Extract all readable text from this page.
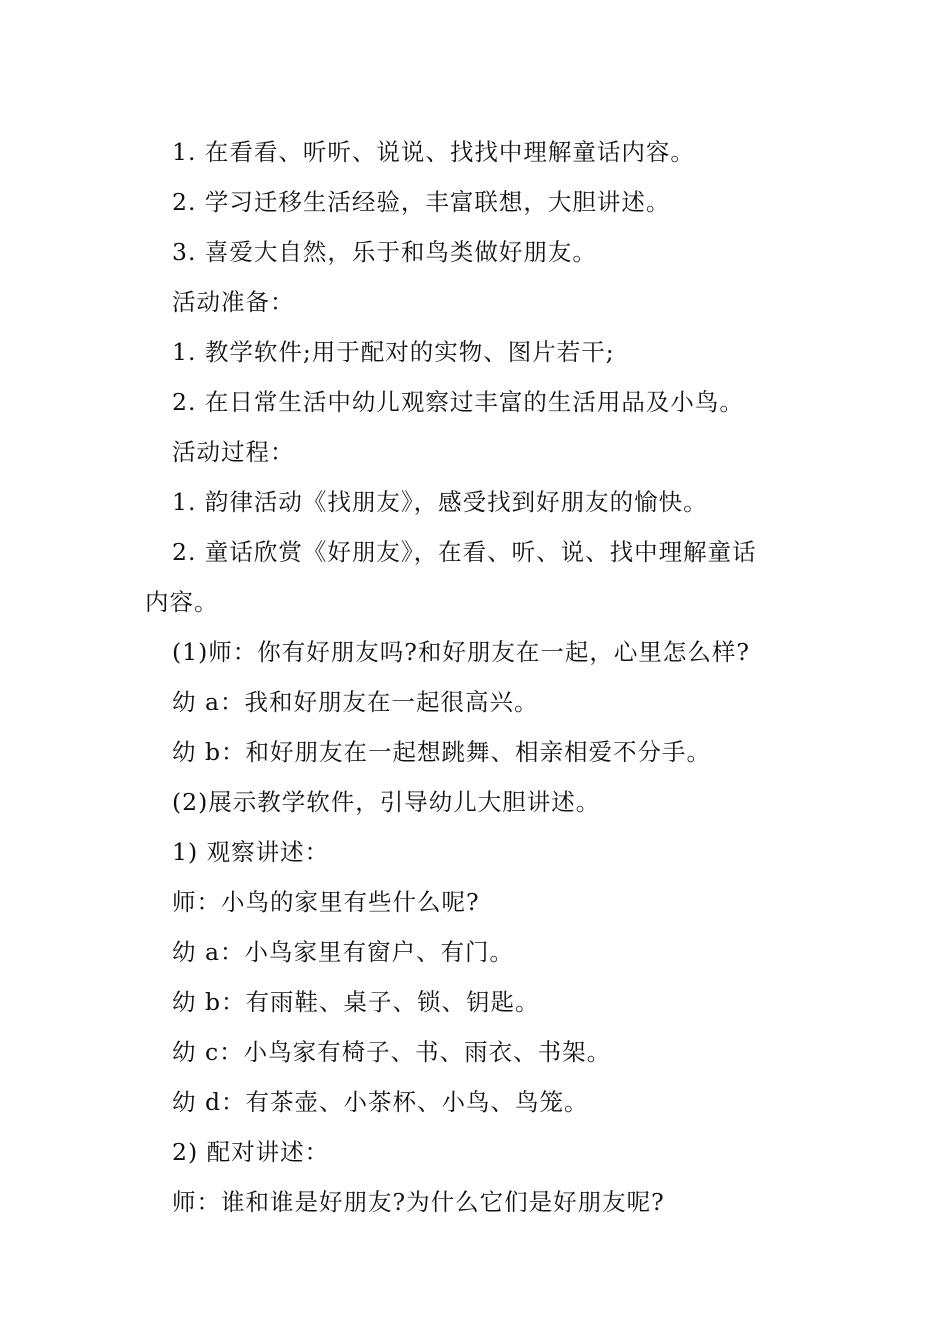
1. 在看看、听听、说说、找找中理解童话内容。
2. 学习迁移生活经验，丰富联想，大胆讲述。
3. 喜爱大自然，乐于和鸟类做好朋友。
活动准备：
1. 教学软件;用于配对的实物、图片若干;
2. 在日常生活中幼儿观察过丰富的生活用品及小鸟。
活动过程：
1. 韵律活动《找朋友》，感受找到好朋友的愉快。
2. 童话欣赏《好朋友》，在看、听、说、找中理解童话
内容。
(1)师：你有好朋友吗?和好朋友在一起，心里怎么样?
幼 a：我和好朋友在一起很高兴。
幼 b：和好朋友在一起想跳舞、相亲相爱不分手。
(2)展示教学软件，引导幼儿大胆讲述。
1) 观察讲述：
师：小鸟的家里有些什么呢?
幼 a：小鸟家里有窗户、有门。
幼 b：有雨鞋、桌子、锁、钥匙。
幼 c：小鸟家有椅子、书、雨衣、书架。
幼 d：有茶壶、小茶杯、小鸟、鸟笼。
2) 配对讲述：
师：谁和谁是好朋友?为什么它们是好朋友呢?
